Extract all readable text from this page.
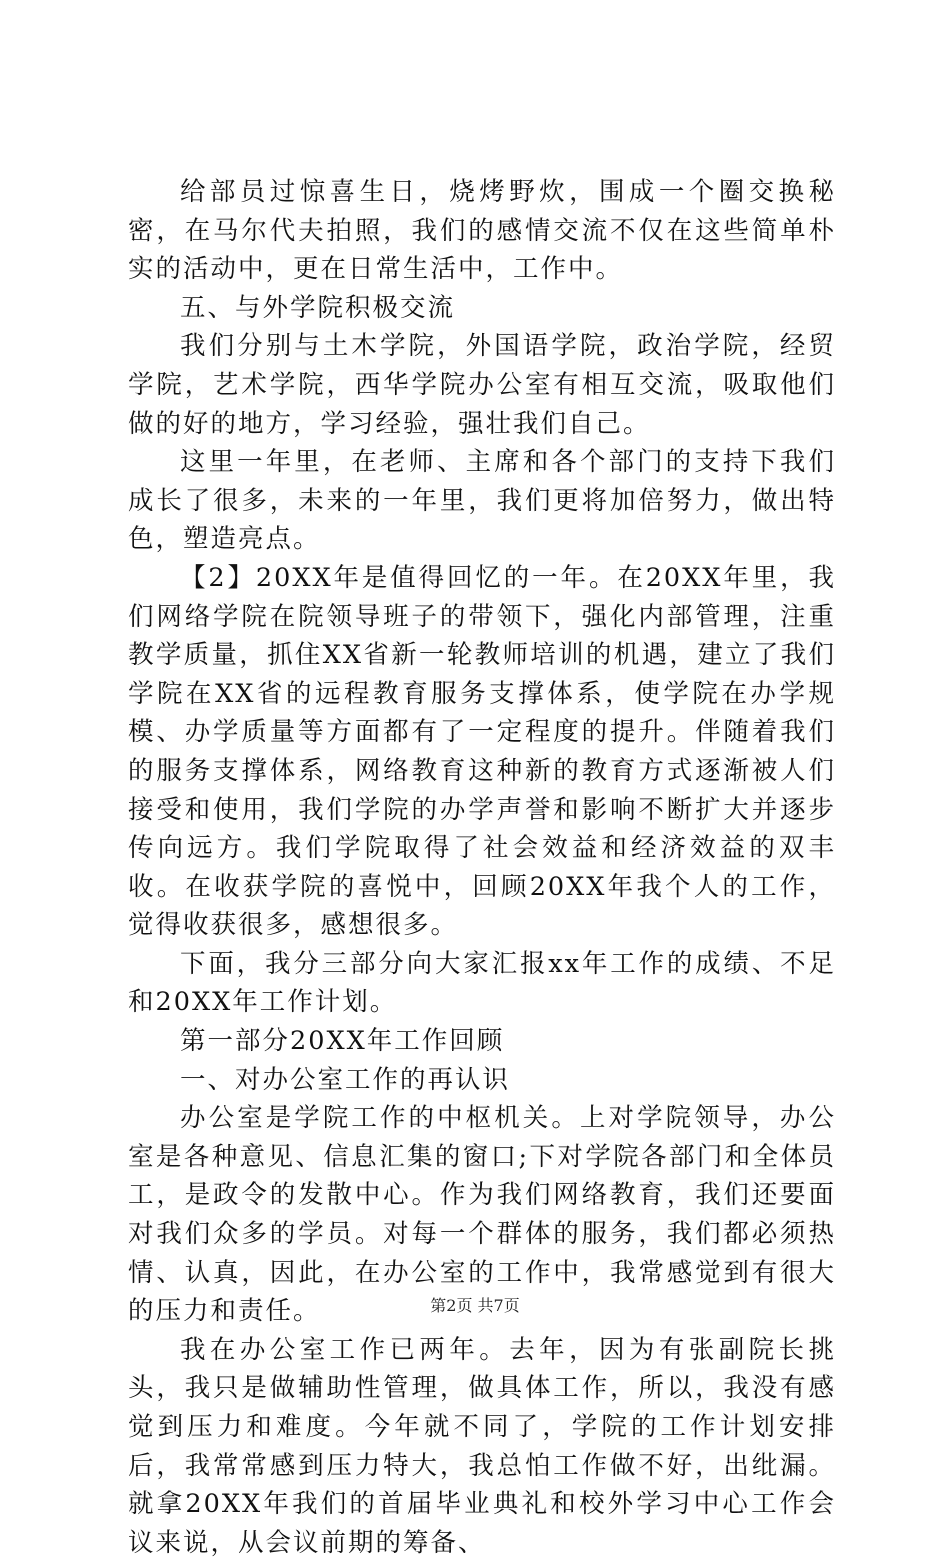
给部员过惊喜生日，烧烤野炊，围成一个圈交换秘密，在马尔代夫拍照，我们的感情交流不仅在这些简单朴实的活动中，更在日常生活中，工作中。

五、与外学院积极交流

我们分别与土木学院，外国语学院，政治学院，经贸学院，艺术学院，西华学院办公室有相互交流，吸取他们做的好的地方，学习经验，强壮我们自己。

这里一年里，在老师、主席和各个部门的支持下我们成长了很多，未来的一年里，我们更将加倍努力，做出特色，塑造亮点。

【2】20XX年是值得回忆的一年。在20XX年里，我们网络学院在院领导班子的带领下，强化内部管理，注重教学质量，抓住XX省新一轮教师培训的机遇，建立了我们学院在XX省的远程教育服务支撑体系，使学院在办学规模、办学质量等方面都有了一定程度的提升。伴随着我们的服务支撑体系，网络教育这种新的教育方式逐渐被人们接受和使用，我们学院的办学声誉和影响不断扩大并逐步传向远方。我们学院取得了社会效益和经济效益的双丰收。在收获学院的喜悦中，回顾20XX年我个人的工作，觉得收获很多，感想很多。

下面，我分三部分向大家汇报xx年工作的成绩、不足和20XX年工作计划。

第一部分20XX年工作回顾

一、对办公室工作的再认识

办公室是学院工作的中枢机关。上对学院领导，办公室是各种意见、信息汇集的窗口;下对学院各部门和全体员工，是政令的发散中心。作为我们网络教育，我们还要面对我们众多的学员。对每一个群体的服务，我们都必须热情、认真，因此，在办公室的工作中，我常感觉到有很大的压力和责任。

我在办公室工作已两年。去年，因为有张副院长挑头，我只是做辅助性管理，做具体工作，所以，我没有感觉到压力和难度。今年就不同了，学院的工作计划安排后，我常常感到压力特大，我总怕工作做不好，出纰漏。就拿20XX年我们的首届毕业典礼和校外学习中心工作会议来说，从会议前期的筹备、

第2页 共7页
